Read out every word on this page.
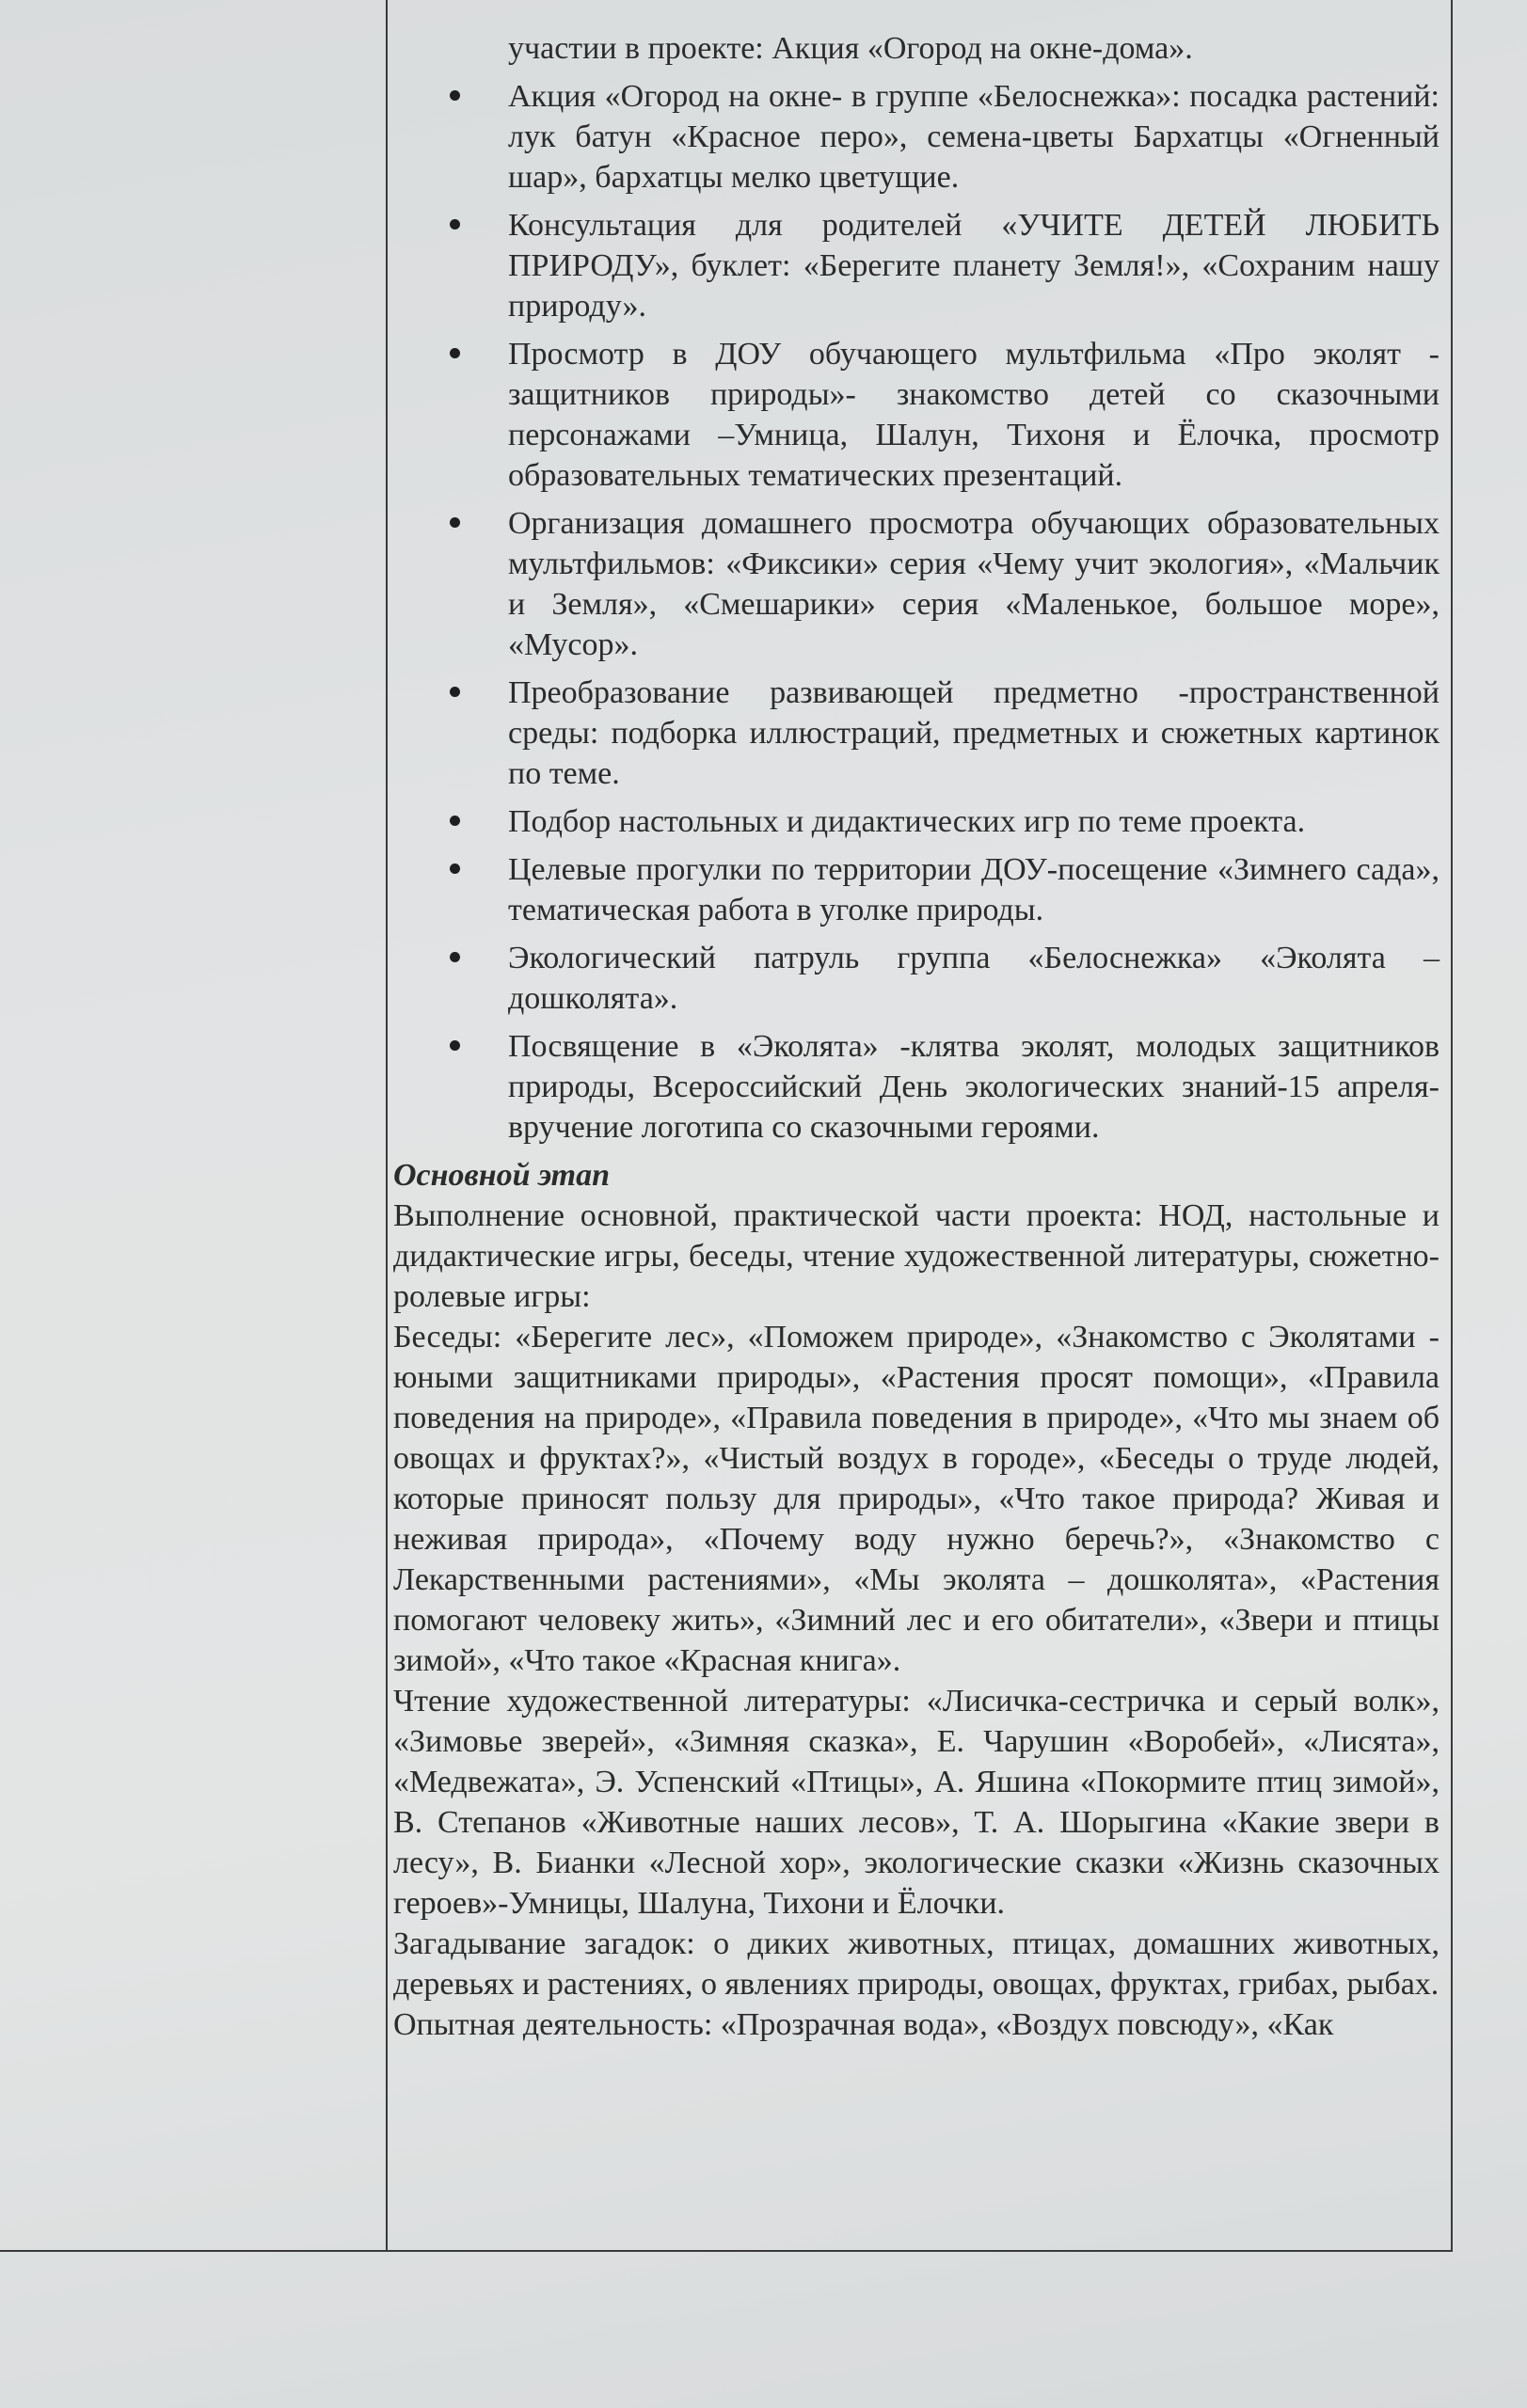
участии в проекте: Акция «Огород на окне-дома».
Акция «Огород на окне- в группе «Белоснежка»: посадка растений: лук батун «Красное перо», семена-цветы Бархатцы «Огненный шар», бархатцы мелко цветущие.
Консультация для родителей «УЧИТЕ ДЕТЕЙ ЛЮБИТЬ ПРИРОДУ», буклет: «Берегите планету Земля!», «Сохраним нашу природу».
Просмотр в ДОУ обучающего мультфильма «Про эколят - защитников природы»- знакомство детей со сказочными персонажами –Умница, Шалун, Тихоня и Ёлочка, просмотр образовательных тематических презентаций.
Организация домашнего просмотра обучающих образовательных мультфильмов: «Фиксики» серия «Чему учит экология», «Мальчик и Земля», «Смешарики» серия «Маленькое, большое море», «Мусор».
Преобразование развивающей предметно -пространственной среды: подборка иллюстраций, предметных и сюжетных картинок по теме.
Подбор настольных и дидактических игр по теме проекта.
Целевые прогулки по территории ДОУ-посещение «Зимнего сада», тематическая работа в уголке природы.
Экологический патруль группа «Белоснежка» «Эколята – дошколята».
Посвящение в «Эколята» -клятва эколят, молодых защитников природы, Всероссийский День экологических знаний-15 апреля- вручение логотипа со сказочными героями.

Основной этап

Выполнение основной, практической части проекта: НОД, настольные и дидактические игры, беседы, чтение художественной литературы, сюжетно-ролевые игры:

Беседы: «Берегите лес», «Поможем природе», «Знакомство с Эколятами - юными защитниками природы», «Растения просят помощи», «Правила поведения на природе», «Правила поведения в природе», «Что мы знаем об овощах и фруктах?», «Чистый воздух в городе», «Беседы о труде людей, которые приносят пользу для природы», «Что такое природа? Живая и неживая природа», «Почему воду нужно беречь?», «Знакомство с Лекарственными растениями», «Мы эколята – дошколята», «Растения помогают человеку жить», «Зимний лес и его обитатели», «Звери и птицы зимой», «Что такое «Красная книга».

Чтение художественной литературы: «Лисичка-сестричка и серый волк», «Зимовье зверей», «Зимняя сказка», Е. Чарушин «Воробей», «Лисята», «Медвежата», Э. Успенский «Птицы», А. Яшина «Покормите птиц зимой», В. Степанов «Животные наших лесов», Т. А. Шорыгина «Какие звери в лесу», В. Бианки «Лесной хор», экологические сказки «Жизнь сказочных героев»-Умницы, Шалуна, Тихони и Ёлочки.

Загадывание загадок: о диких животных, птицах, домашних животных, деревьях и растениях, о явлениях природы, овощах, фруктах, грибах, рыбах.

Опытная деятельность: «Прозрачная вода», «Воздух повсюду», «Как
